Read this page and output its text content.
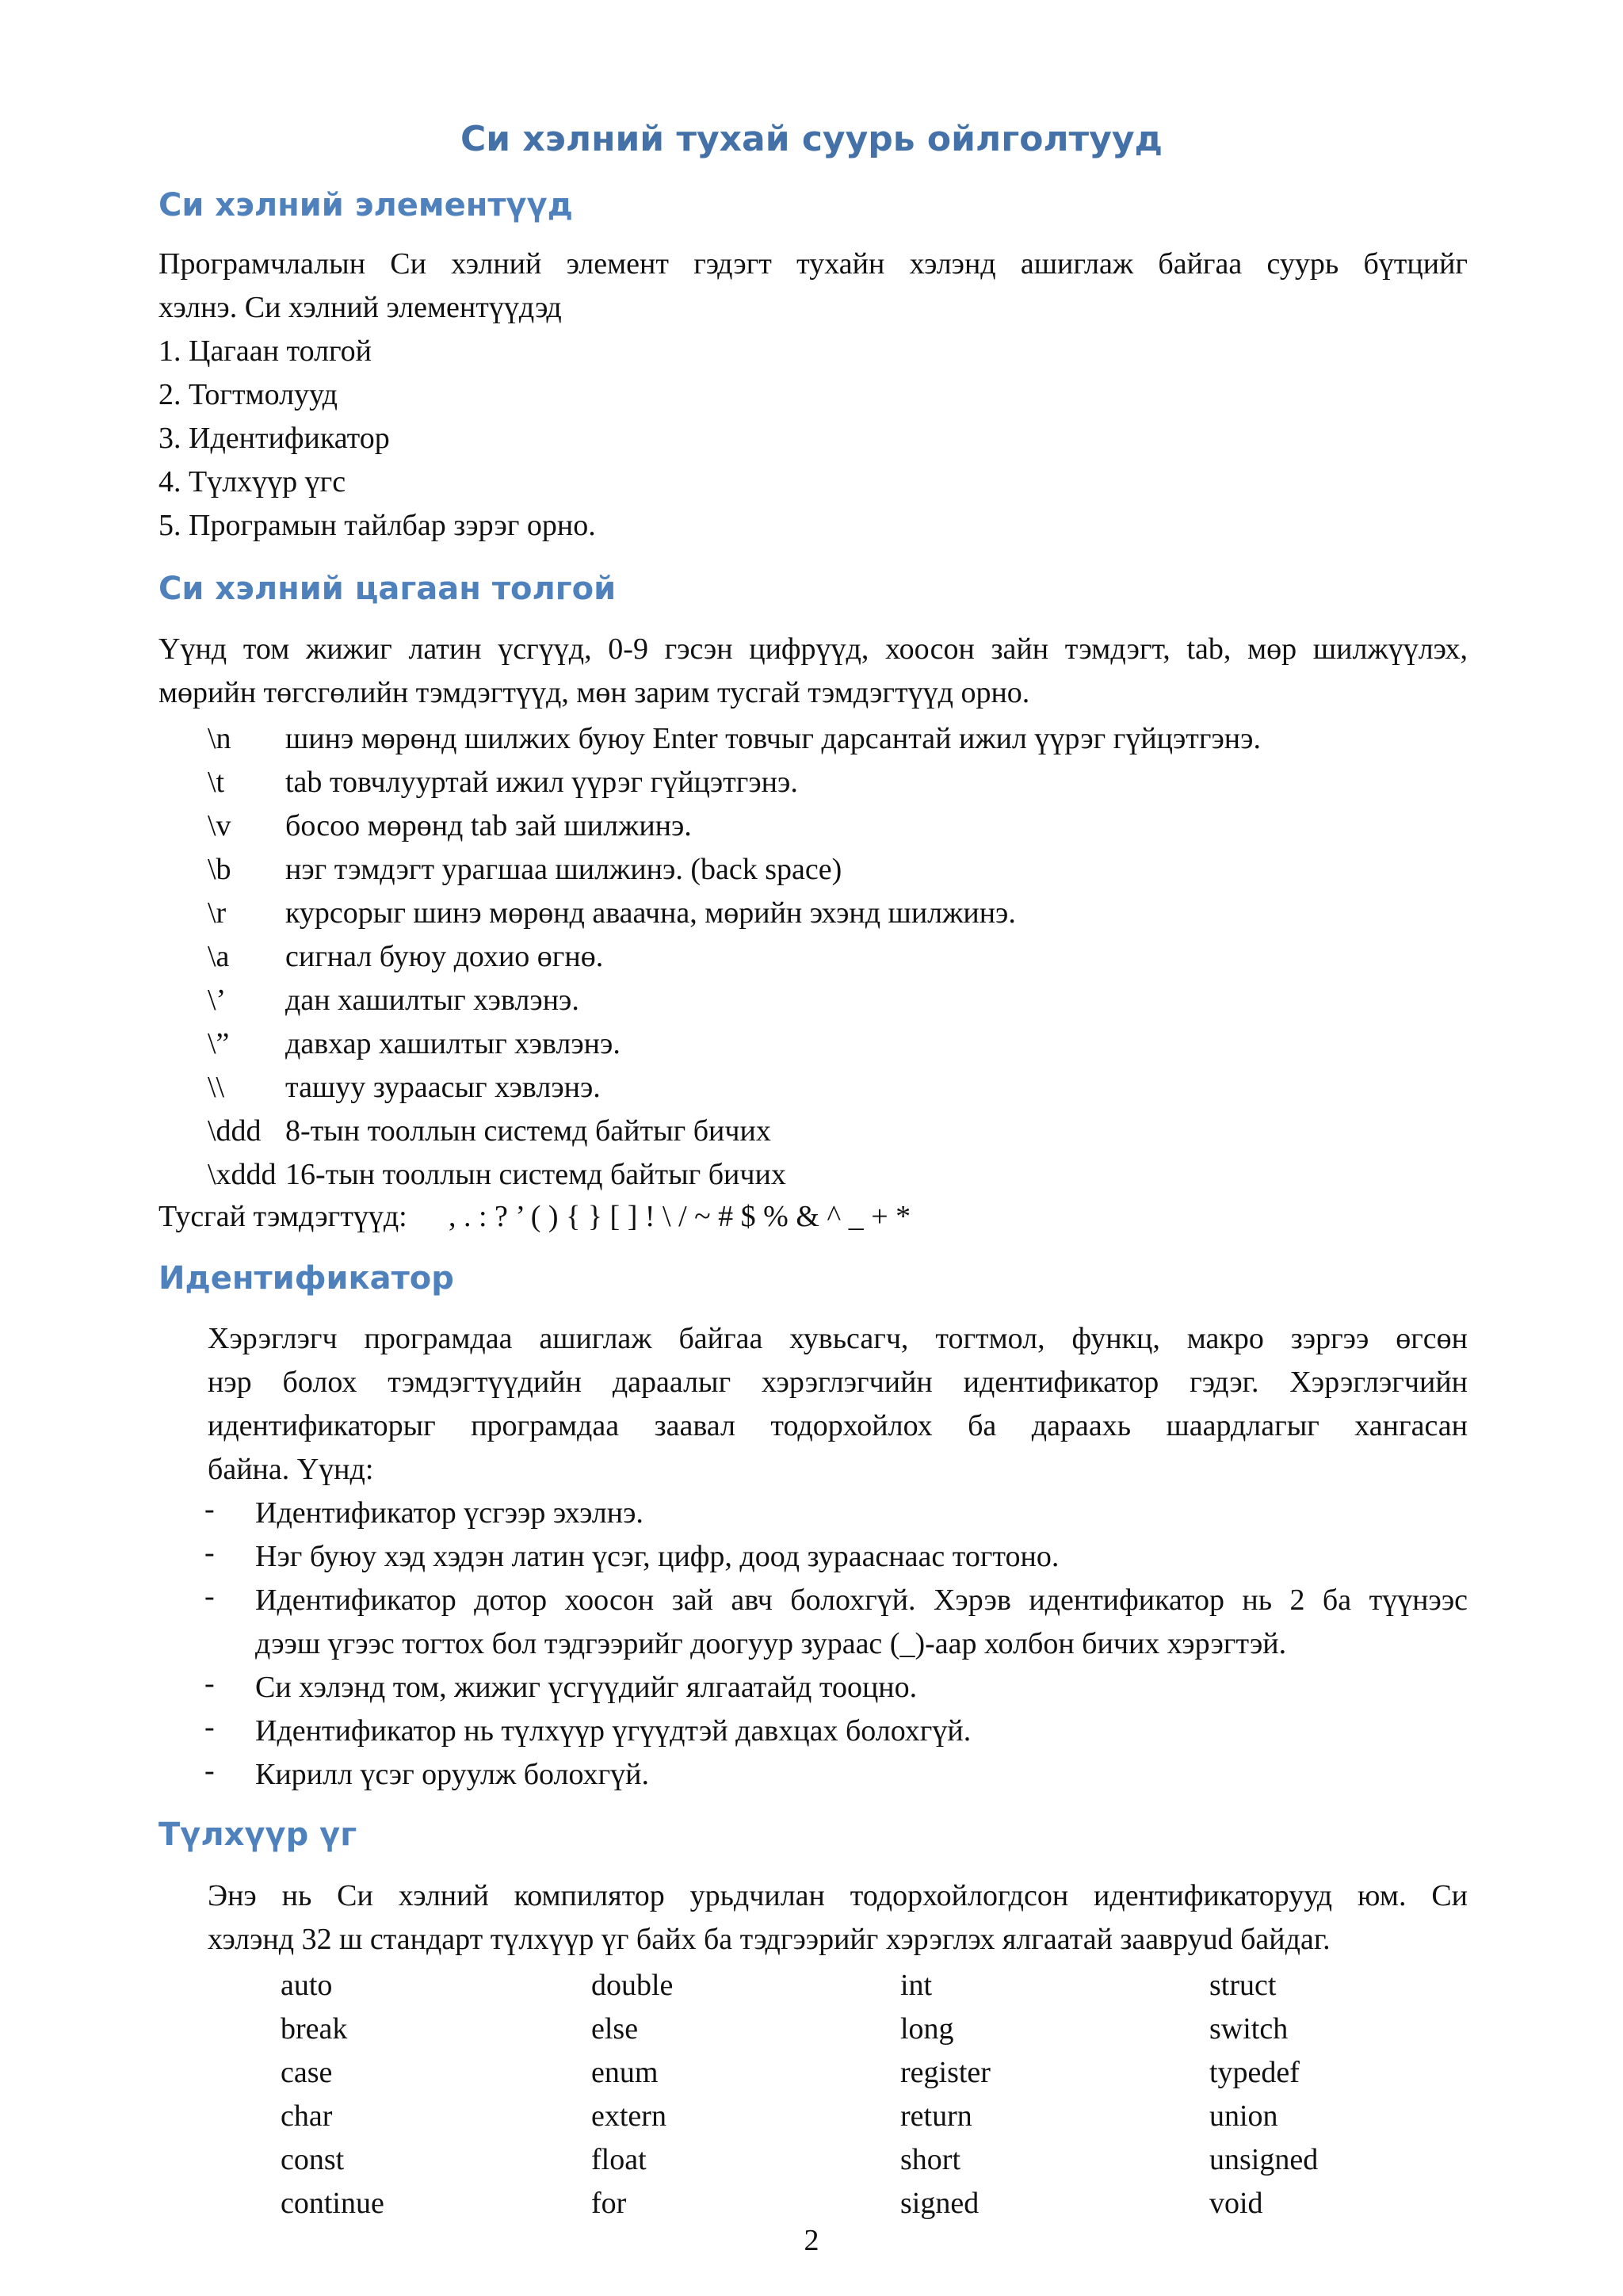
Си хэлний тухай суурь ойлголтууд
Си хэлний элементүүд
Програмчлалын Си хэлний элемент гэдэгт тухайн хэлэнд ашиглаж байгаа суурь бүтцийг
хэлнэ. Си хэлний элементүүдэд
1. Цагаан толгой
2. Тогтмолууд
3. Идентификатор
4. Түлхүүр үгс
5. Програмын тайлбар зэрэг орно.
Си хэлний цагаан толгой
Үүнд том жижиг латин үсгүүд, 0-9 гэсэн цифрүүд, хоосон зайн тэмдэгт, tab, мөр шилжүүлэх,
мөрийн төгсгөлийн тэмдэгтүүд, мөн зарим тусгай тэмдэгтүүд орно.
\n шинэ мөрөнд шилжих буюу Enter товчыг дарсантай ижил үүрэг гүйцэтгэнэ.
\t tab товчлууртай ижил үүрэг гүйцэтгэнэ.
\v босоо мөрөнд tab зай шилжинэ.
\b нэг тэмдэгт урагшаа шилжинэ. (back space)
\r курсорыг шинэ мөрөнд аваачна, мөрийн эхэнд шилжинэ.
\a сигнал буюу дохио өгнө.
\’ дан хашилтыг хэвлэнэ.
\” давхар хашилтыг хэвлэнэ.
\\ ташуу зураасыг хэвлэнэ.
\ddd 8-тын тооллын системд байтыг бичих
\xddd 16-тын тооллын системд байтыг бичих
Тусгай тэмдэгтүүд: , . : ? ’ ( ) { } [ ] ! \ / ~ # $ % & ^ _ + *
Идентификатор
Хэрэглэгч програмдаа ашиглаж байгаа хувьсагч, тогтмол, функц, макро зэргээ өгсөн
нэр болох тэмдэгтүүдийн дараалыг хэрэглэгчийн идентификатор гэдэг. Хэрэглэгчийн
идентификаторыг програмдаа заавал тодорхойлох ба дараахь шаардлагыг хангасан
байна. Үүнд:
- Идентификатор үсгээр эхэлнэ.
- Нэг буюу хэд хэдэн латин үсэг, цифр, доод зурааснаас тогтоно.
- Идентификатор дотор хоосон зай авч болохгүй. Хэрэв идентификатор нь 2 ба түүнээс
дээш үгээс тогтох бол тэдгээрийг доогуур зураас (_)-аар холбон бичих хэрэгтэй.
- Си хэлэнд том, жижиг үсгүүдийг ялгаатайд тооцно.
- Идентификатор нь түлхүүр үгүүдтэй давхцах болохгүй.
- Кирилл үсэг оруулж болохгүй.
Түлхүүр үг
Энэ нь Си хэлний компилятор урьдчилан тодорхойлогдсон идентификаторууд юм. Си
хэлэнд 32 ш стандарт түлхүүр үг байх ба тэдгээрийг хэрэглэх ялгаатай заавруud байдаг.
auto
break
case
char
const
continue
double
else
enum
extern
float
for
int
long
register
return
short
signed
struct
switch
typedef
union
unsigned
void
2
